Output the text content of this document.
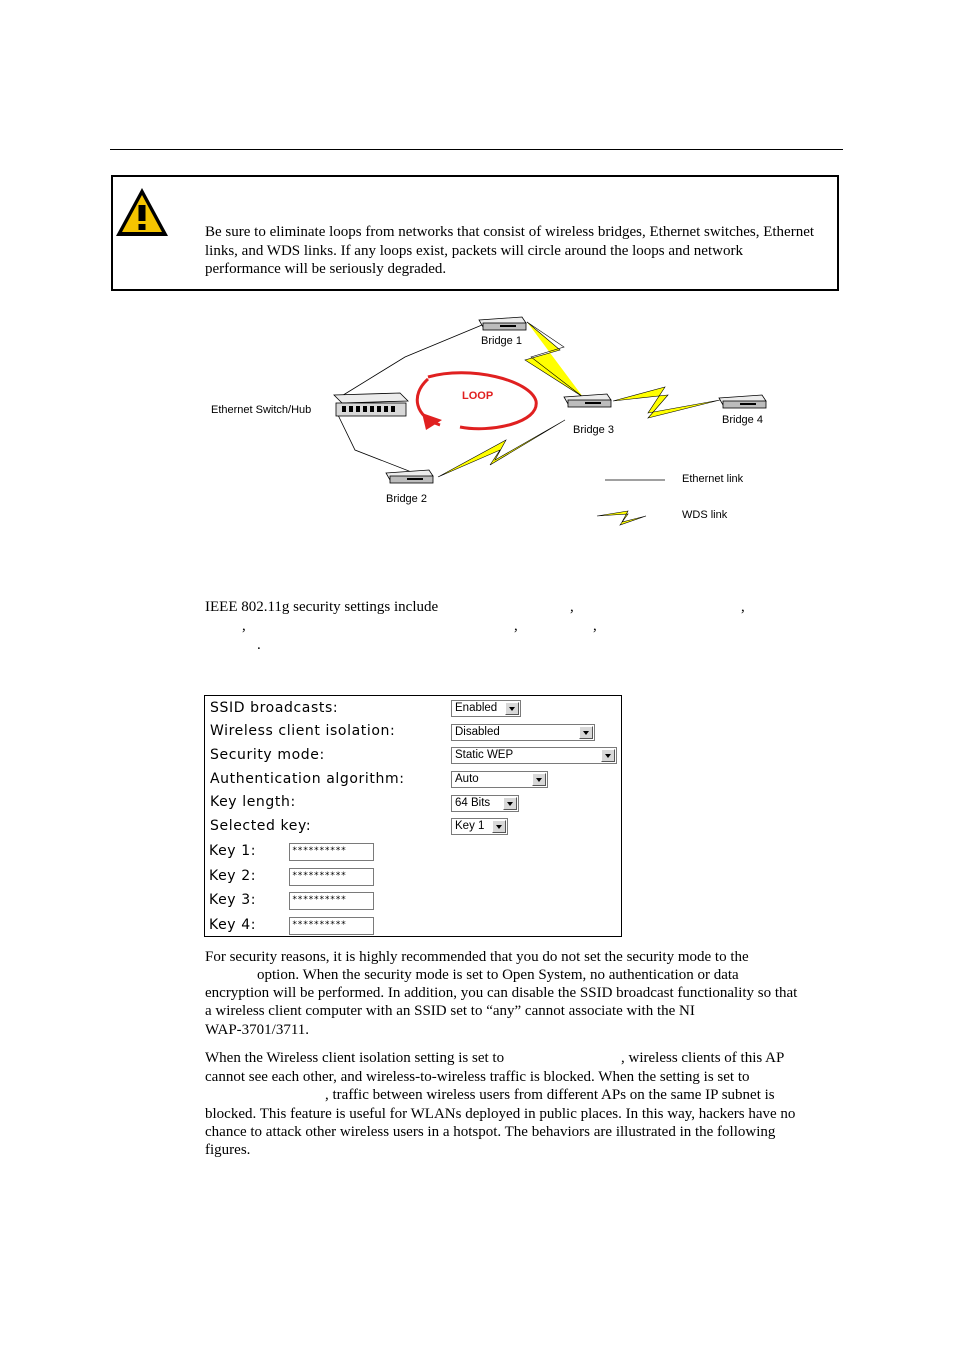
Be sure to eliminate loops from networks that consist of wireless bridges, Ethernet switches, Ethernet links, and WDS links. If any loops exist, packets will circle around the loops and network performance will be seriously degraded.
LOOP
Bridge 1
Bridge 3
Bridge 4
Bridge 2
Ethernet Switch/Hub
Ethernet link
WDS link
IEEE 802.11g security settings include	,	,
,	,	,
.
SSID broadcasts:	Enabled
Wireless client isolation:	Disabled
Security mode:	Static WEP
Authentication algorithm:	Auto
Key length:	64 Bits
Selected key:	Key 1
Key 1:	**********
Key 2:	**********
Key 3:	**********
Key 4:	**********
For security reasons, it is highly recommended that you do not set the security mode to the
option. When the security mode is set to Open System, no authentication or data
encryption will be performed. In addition, you can disable the SSID broadcast functionality so that
a wireless client computer with an SSID set to “any” cannot associate with the NI
WAP-3701/3711.
When the Wireless client isolation setting is set to	, wireless clients of this AP
cannot see each other, and wireless-to-wireless traffic is blocked. When the setting is set to
, traffic between wireless users from different APs on the same IP subnet is
blocked. This feature is useful for WLANs deployed in public places. In this way, hackers have no
chance to attack other wireless users in a hotspot. The behaviors are illustrated in the following
figures.
